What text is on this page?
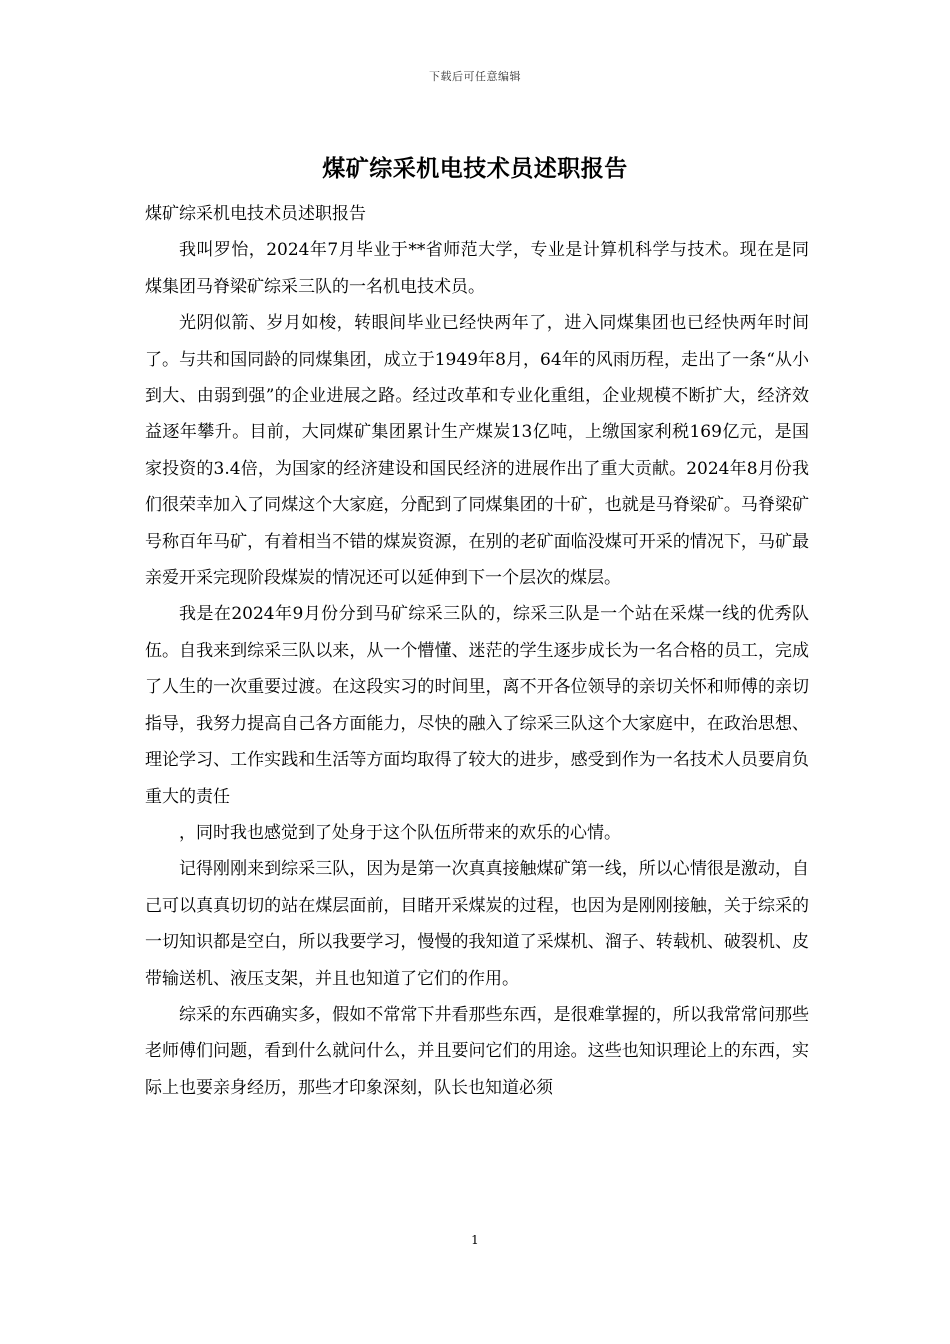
下载后可任意编辑
煤矿综采机电技术员述职报告

煤矿综采机电技术员述职报告

我叫罗怡，2024年7月毕业于**省师范大学，专业是计算机科学与技术。现在是同煤集团马脊梁矿综采三队的一名机电技术员。

光阴似箭、岁月如梭，转眼间毕业已经快两年了，进入同煤集团也已经快两年时间了。与共和国同龄的同煤集团，成立于1949年8月，64年的风雨历程，走出了一条“从小到大、由弱到强”的企业进展之路。经过改革和专业化重组，企业规模不断扩大，经济效益逐年攀升。目前，大同煤矿集团累计生产煤炭13亿吨，上缴国家利税169亿元，是国家投资的3.4倍，为国家的经济建设和国民经济的进展作出了重大贡献。2024年8月份我们很荣幸加入了同煤这个大家庭，分配到了同煤集团的十矿，也就是马脊梁矿。马脊梁矿号称百年马矿，有着相当不错的煤炭资源，在别的老矿面临没煤可开采的情况下，马矿最亲爱开采完现阶段煤炭的情况还可以延伸到下一个层次的煤层。

我是在2024年9月份分到马矿综采三队的，综采三队是一个站在采煤一线的优秀队伍。自我来到综采三队以来，从一个懵懂、迷茫的学生逐步成长为一名合格的员工，完成了人生的一次重要过渡。在这段实习的时间里，离不开各位领导的亲切关怀和师傅的亲切指导，我努力提高自己各方面能力，尽快的融入了综采三队这个大家庭中，在政治思想、理论学习、工作实践和生活等方面均取得了较大的进步，感受到作为一名技术人员要肩负重大的责任

，同时我也感觉到了处身于这个队伍所带来的欢乐的心情。

记得刚刚来到综采三队，因为是第一次真真接触煤矿第一线，所以心情很是激动，自己可以真真切切的站在煤层面前，目睹开采煤炭的过程，也因为是刚刚接触，关于综采的一切知识都是空白，所以我要学习，慢慢的我知道了采煤机、溜子、转载机、破裂机、皮带输送机、液压支架，并且也知道了它们的作用。

综采的东西确实多，假如不常常下井看那些东西，是很难掌握的，所以我常常问那些老师傅们问题，看到什么就问什么，并且要问它们的用途。这些也知识理论上的东西，实际上也要亲身经历，那些才印象深刻，队长也知道必须

1
